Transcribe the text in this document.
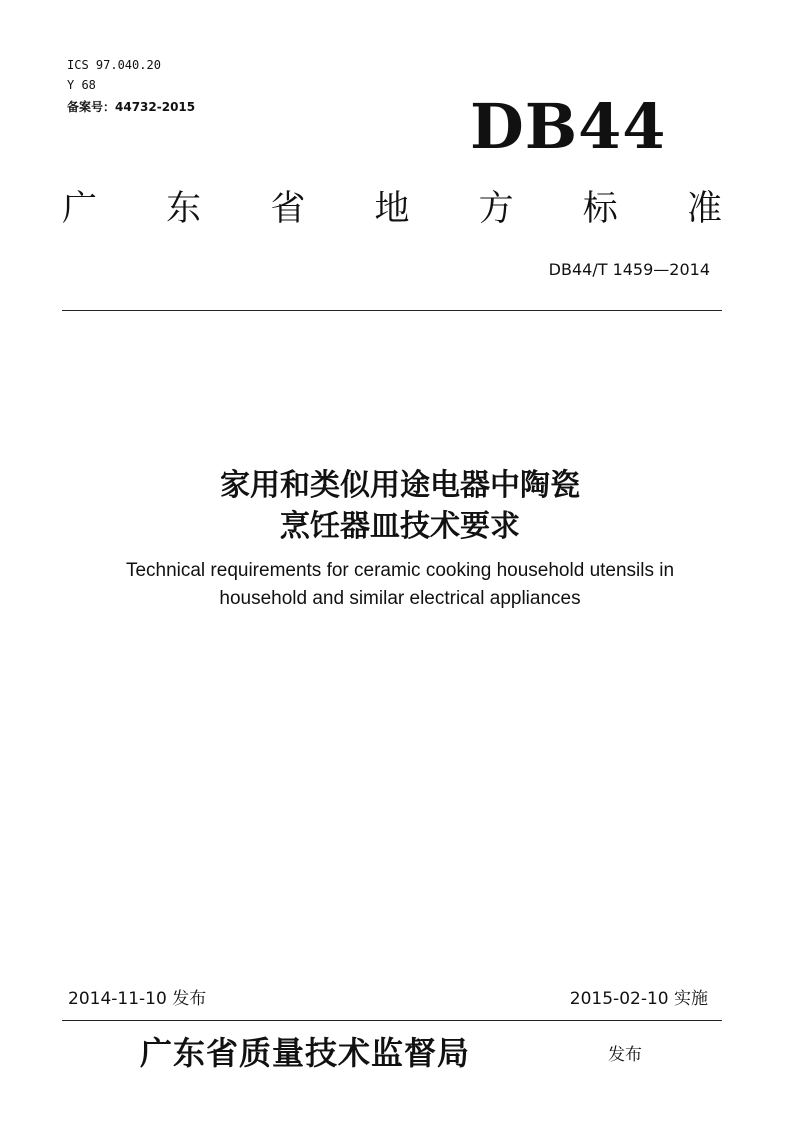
ICS 97.040.20
Y 68
备案号：44732-2015	DB44
广 东 省 地 方 标 准
DB44/T 1459—2014
家用和类似用途电器中陶瓷
烹饪器皿技术要求
Technical requirements for ceramic cooking household utensils in
household and similar electrical appliances
2014-11-10 发布	2015-02-10 实施
广东省质量技术监督局	发布
